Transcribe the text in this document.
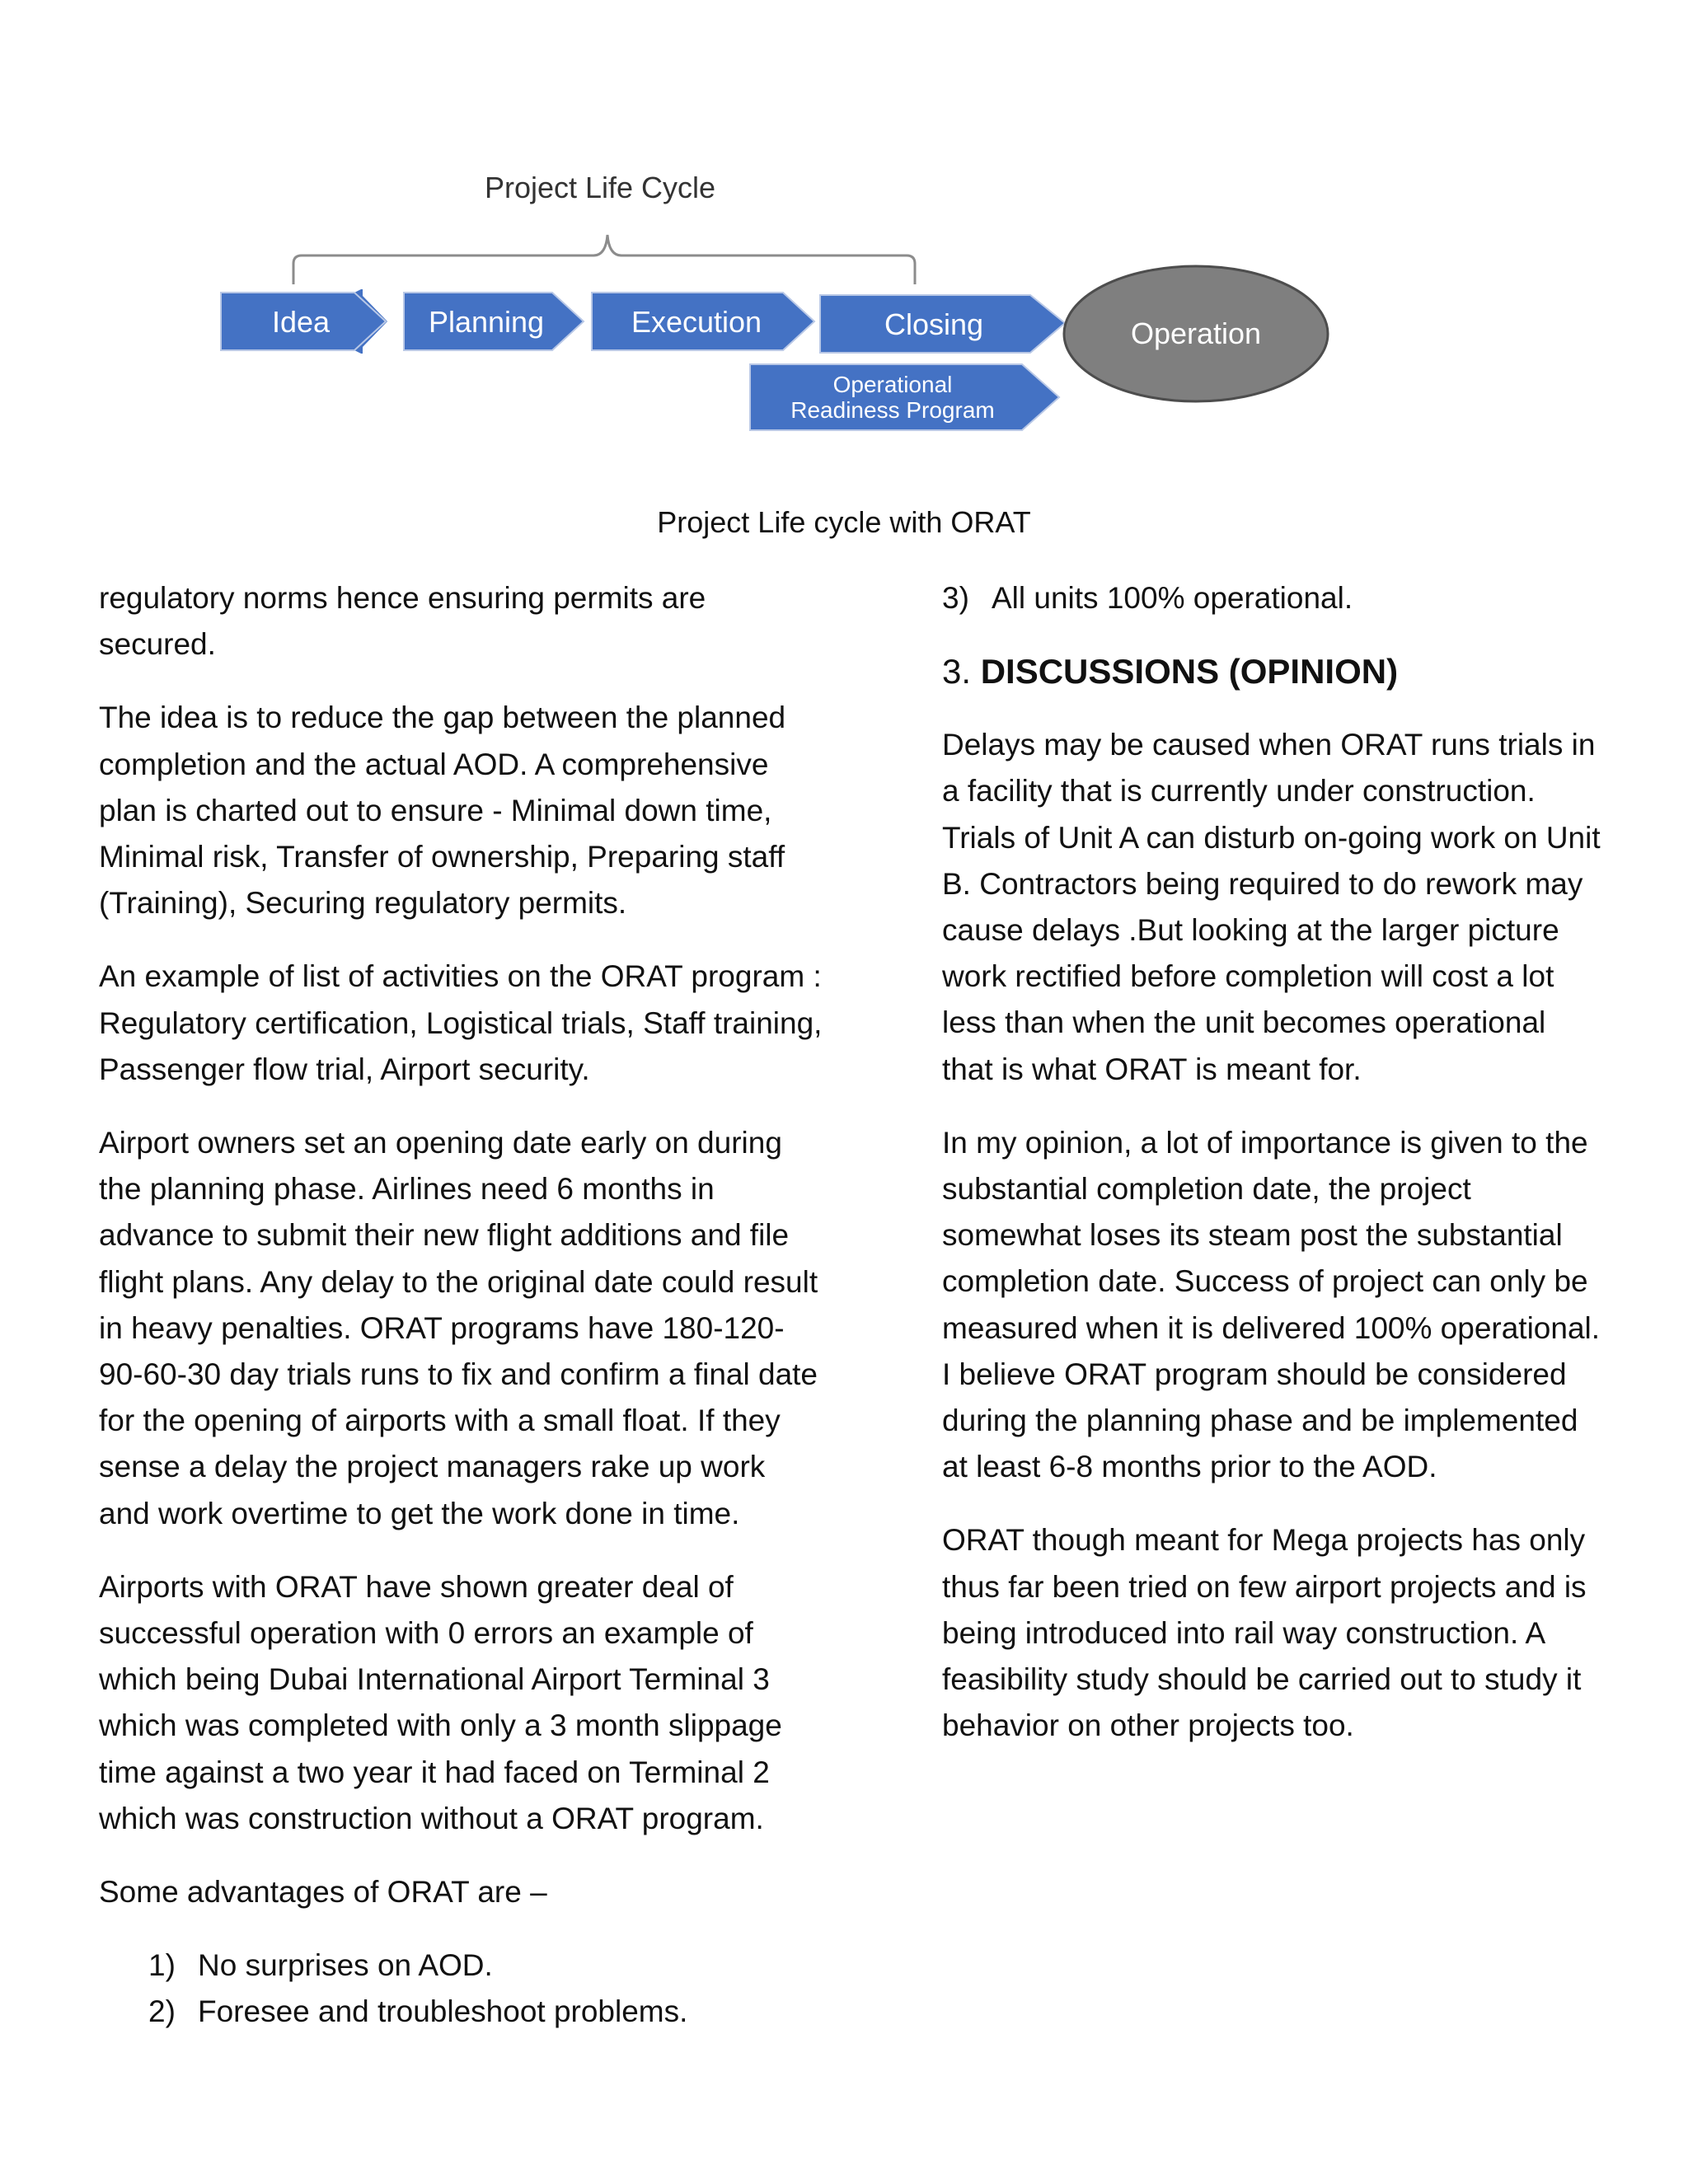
Project Life Cycle
Idea	Planning	Execution	Closing
Operational
Readiness Program
Operation
Project Life cycle with ORAT

regulatory norms hence ensuring permits are secured.

The idea is to reduce the gap between the planned completion and the actual AOD. A comprehensive plan is charted out to ensure - Minimal down time, Minimal risk, Transfer of ownership, Preparing staff (Training), Securing regulatory permits.

An example of list of activities on the ORAT program : Regulatory certification, Logistical trials, Staff training, Passenger flow trial, Airport security.

Airport owners set an opening date early on during the planning phase. Airlines need 6 months in advance to submit their new flight additions and file flight plans. Any delay to the original date could result in heavy penalties. ORAT programs have 180-120-90-60-30 day trials runs to fix and confirm a final date for the opening of airports with a small float. If they sense a delay the project managers rake up work and work overtime to get the work done in time.

Airports with ORAT have shown greater deal of successful operation with 0 errors an example of which being Dubai International Airport Terminal 3 which was completed with only a 3 month slippage time against a two year it had faced on Terminal 2 which was construction without a ORAT program.

Some advantages of ORAT are –

1) No surprises on AOD.
2) Foresee and troubleshoot problems.
3) All units 100% operational.
3. DISCUSSIONS (OPINION)

Delays may be caused when ORAT runs trials in a facility that is currently under construction. Trials of Unit A can disturb on-going work on Unit B. Contractors being required to do rework may cause delays .But looking at the larger picture work rectified before completion will cost a lot less than when the unit becomes operational that is what ORAT is meant for.

In my opinion, a lot of importance is given to the substantial completion date, the project somewhat loses its steam post the substantial completion date. Success of project can only be measured when it is delivered 100% operational. I believe ORAT program should be considered during the planning phase and be implemented at least 6-8 months prior to the AOD.

ORAT though meant for Mega projects has only thus far been tried on few airport projects and is being introduced into rail way construction. A feasibility study should be carried out to study it behavior on other projects too.
